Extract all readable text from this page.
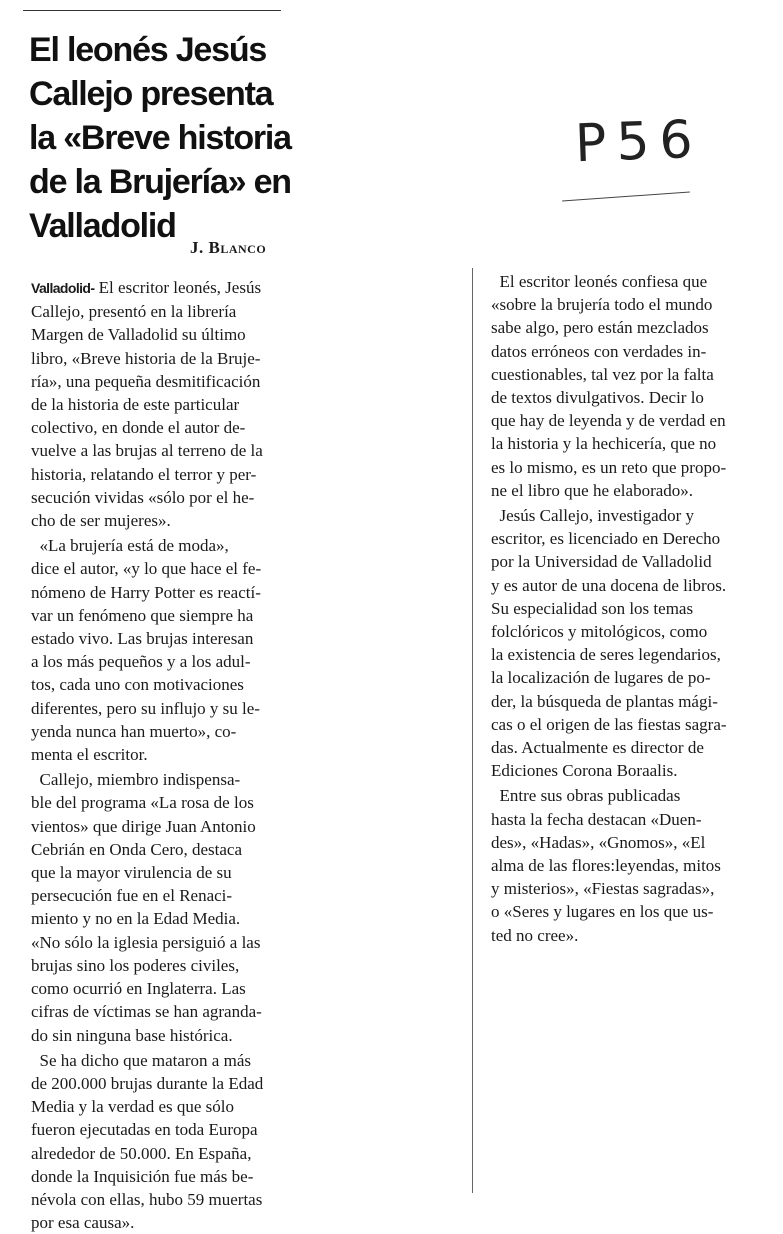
El leonés Jesús
Callejo presenta
la «Breve historia
de la Brujería» en
Valladolid
J. Blanco
P56
Valladolid- El escritor leonés, Jesús
Callejo, presentó en la librería
Margen de Valladolid su último
libro, «Breve historia de la Bruje-
ría», una pequeña desmitificación
de la historia de este particular
colectivo, en donde el autor de-
vuelve a las brujas al terreno de la
historia, relatando el terror y per-
secución vividas «sólo por el he-
cho de ser mujeres».
«La brujería está de moda»,
dice el autor, «y lo que hace el fe-
nómeno de Harry Potter es reactí-
var un fenómeno que siempre ha
estado vivo. Las brujas interesan
a los más pequeños y a los adul-
tos, cada uno con motivaciones
diferentes, pero su influjo y su le-
yenda nunca han muerto», co-
menta el escritor.
Callejo, miembro indispensa-
ble del programa «La rosa de los
vientos» que dirige Juan Antonio
Cebrián en Onda Cero, destaca
que la mayor virulencia de su
persecución fue en el Renaci-
miento y no en la Edad Media.
«No sólo la iglesia persiguió a las
brujas sino los poderes civiles,
como ocurrió en Inglaterra. Las
cifras de víctimas se han agranda-
do sin ninguna base histórica.
Se ha dicho que mataron a más
de 200.000 brujas durante la Edad
Media y la verdad es que sólo
fueron ejecutadas en toda Europa
alrededor de 50.000. En España,
donde la Inquisición fue más be-
névola con ellas, hubo 59 muertas
por esa causa».
El escritor leonés confiesa que
«sobre la brujería todo el mundo
sabe algo, pero están mezclados
datos erróneos con verdades in-
cuestionables, tal vez por la falta
de textos divulgativos. Decir lo
que hay de leyenda y de verdad en
la historia y la hechicería, que no
es lo mismo, es un reto que propo-
ne el libro que he elaborado».
Jesús Callejo, investigador y
escritor, es licenciado en Derecho
por la Universidad de Valladolid
y es autor de una docena de libros.
Su especialidad son los temas
folclóricos y mitológicos, como
la existencia de seres legendarios,
la localización de lugares de po-
der, la búsqueda de plantas mági-
cas o el origen de las fiestas sagra-
das. Actualmente es director de
Ediciones Corona Boraalis.
Entre sus obras publicadas
hasta la fecha destacan «Duen-
des», «Hadas», «Gnomos», «El
alma de las flores:leyendas, mitos
y misterios», «Fiestas sagradas»,
o «Seres y lugares en los que us-
ted no cree».
